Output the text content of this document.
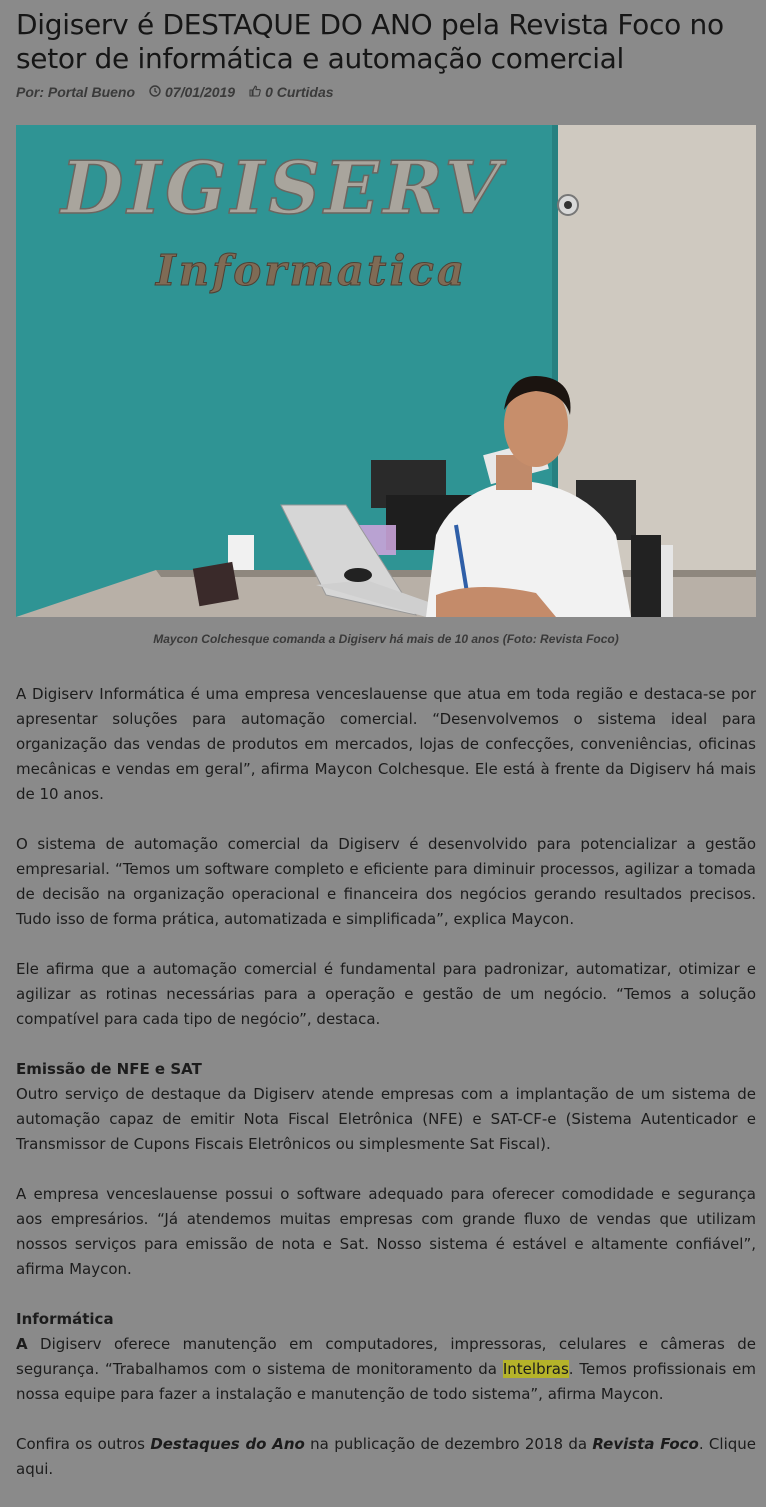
Digiserv é DESTAQUE DO ANO pela Revista Foco no setor de informática e automação comercial
Por: Portal Bueno 07/01/2019 0 Curtidas
DIGISERV
Informatica
Maycon Colchesque comanda a Digiserv há mais de 10 anos (Foto: Revista Foco)

A Digiserv Informática é uma empresa venceslauense que atua em toda região e destaca-se por apresentar soluções para automação comercial. “Desenvolvemos o sistema ideal para organização das vendas de produtos em mercados, lojas de confecções, conveniências, oficinas mecânicas e vendas em geral”, afirma Maycon Colchesque. Ele está à frente da Digiserv há mais de 10 anos.

O sistema de automação comercial da Digiserv é desenvolvido para potencializar a gestão empresarial. “Temos um software completo e eficiente para diminuir processos, agilizar a tomada de decisão na organização operacional e financeira dos negócios gerando resultados precisos. Tudo isso de forma prática, automatizada e simplificada”, explica Maycon.

Ele afirma que a automação comercial é fundamental para padronizar, automatizar, otimizar e agilizar as rotinas necessárias para a operação e gestão de um negócio. “Temos a solução compatível para cada tipo de negócio”, destaca.

Emissão de NFE e SAT

Outro serviço de destaque da Digiserv atende empresas com a implantação de um sistema de automação capaz de emitir Nota Fiscal Eletrônica (NFE) e SAT-CF-e (Sistema Autenticador e Transmissor de Cupons Fiscais Eletrônicos ou simplesmente Sat Fiscal).

A empresa venceslauense possui o software adequado para oferecer comodidade e segurança aos empresários. “Já atendemos muitas empresas com grande fluxo de vendas que utilizam nossos serviços para emissão de nota e Sat. Nosso sistema é estável e altamente confiável”, afirma Maycon.

Informática

A Digiserv oferece manutenção em computadores, impressoras, celulares e câmeras de segurança. “Trabalhamos com o sistema de monitoramento da Intelbras. Temos profissionais em nossa equipe para fazer a instalação e manutenção de todo sistema”, afirma Maycon.

Confira os outros Destaques do Ano na publicação de dezembro 2018 da Revista Foco. Clique aqui.
